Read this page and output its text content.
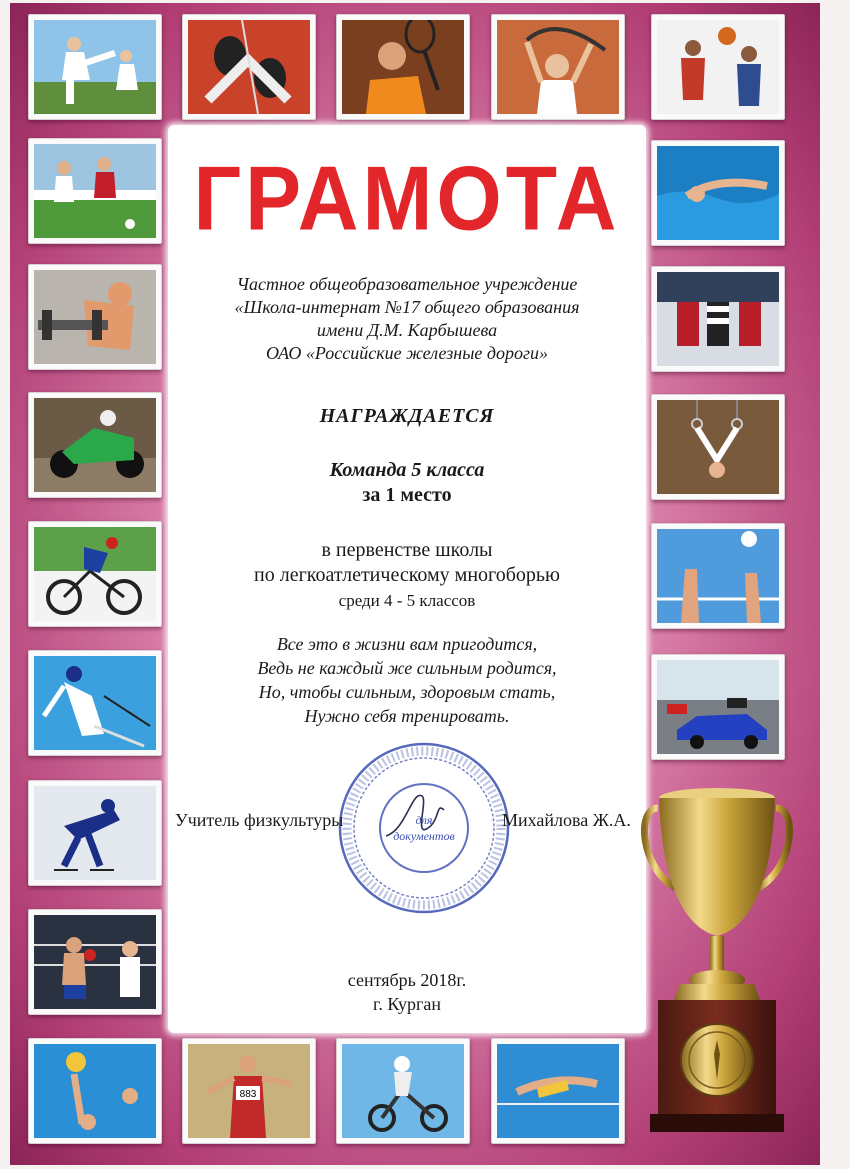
883
ГРАМОТА
Частное общеобразовательное учреждение
«Школа-интернат №17 общего образования
имени Д.М. Карбышева
ОАО «Российские железные дороги»
НАГРАЖДАЕТСЯ
Команда 5 класса
за 1 место
в первенстве школы
по легкоатлетическому многоборью
среди 4 - 5 классов
Все это в жизни вам пригодится,
Ведь не каждый же сильным родится,
Но, чтобы сильным, здоровым стать,
Нужно себя тренировать.
для
документов
Учитель физкультуры	Михайлова Ж.А.
сентябрь 2018г.
г. Курган
